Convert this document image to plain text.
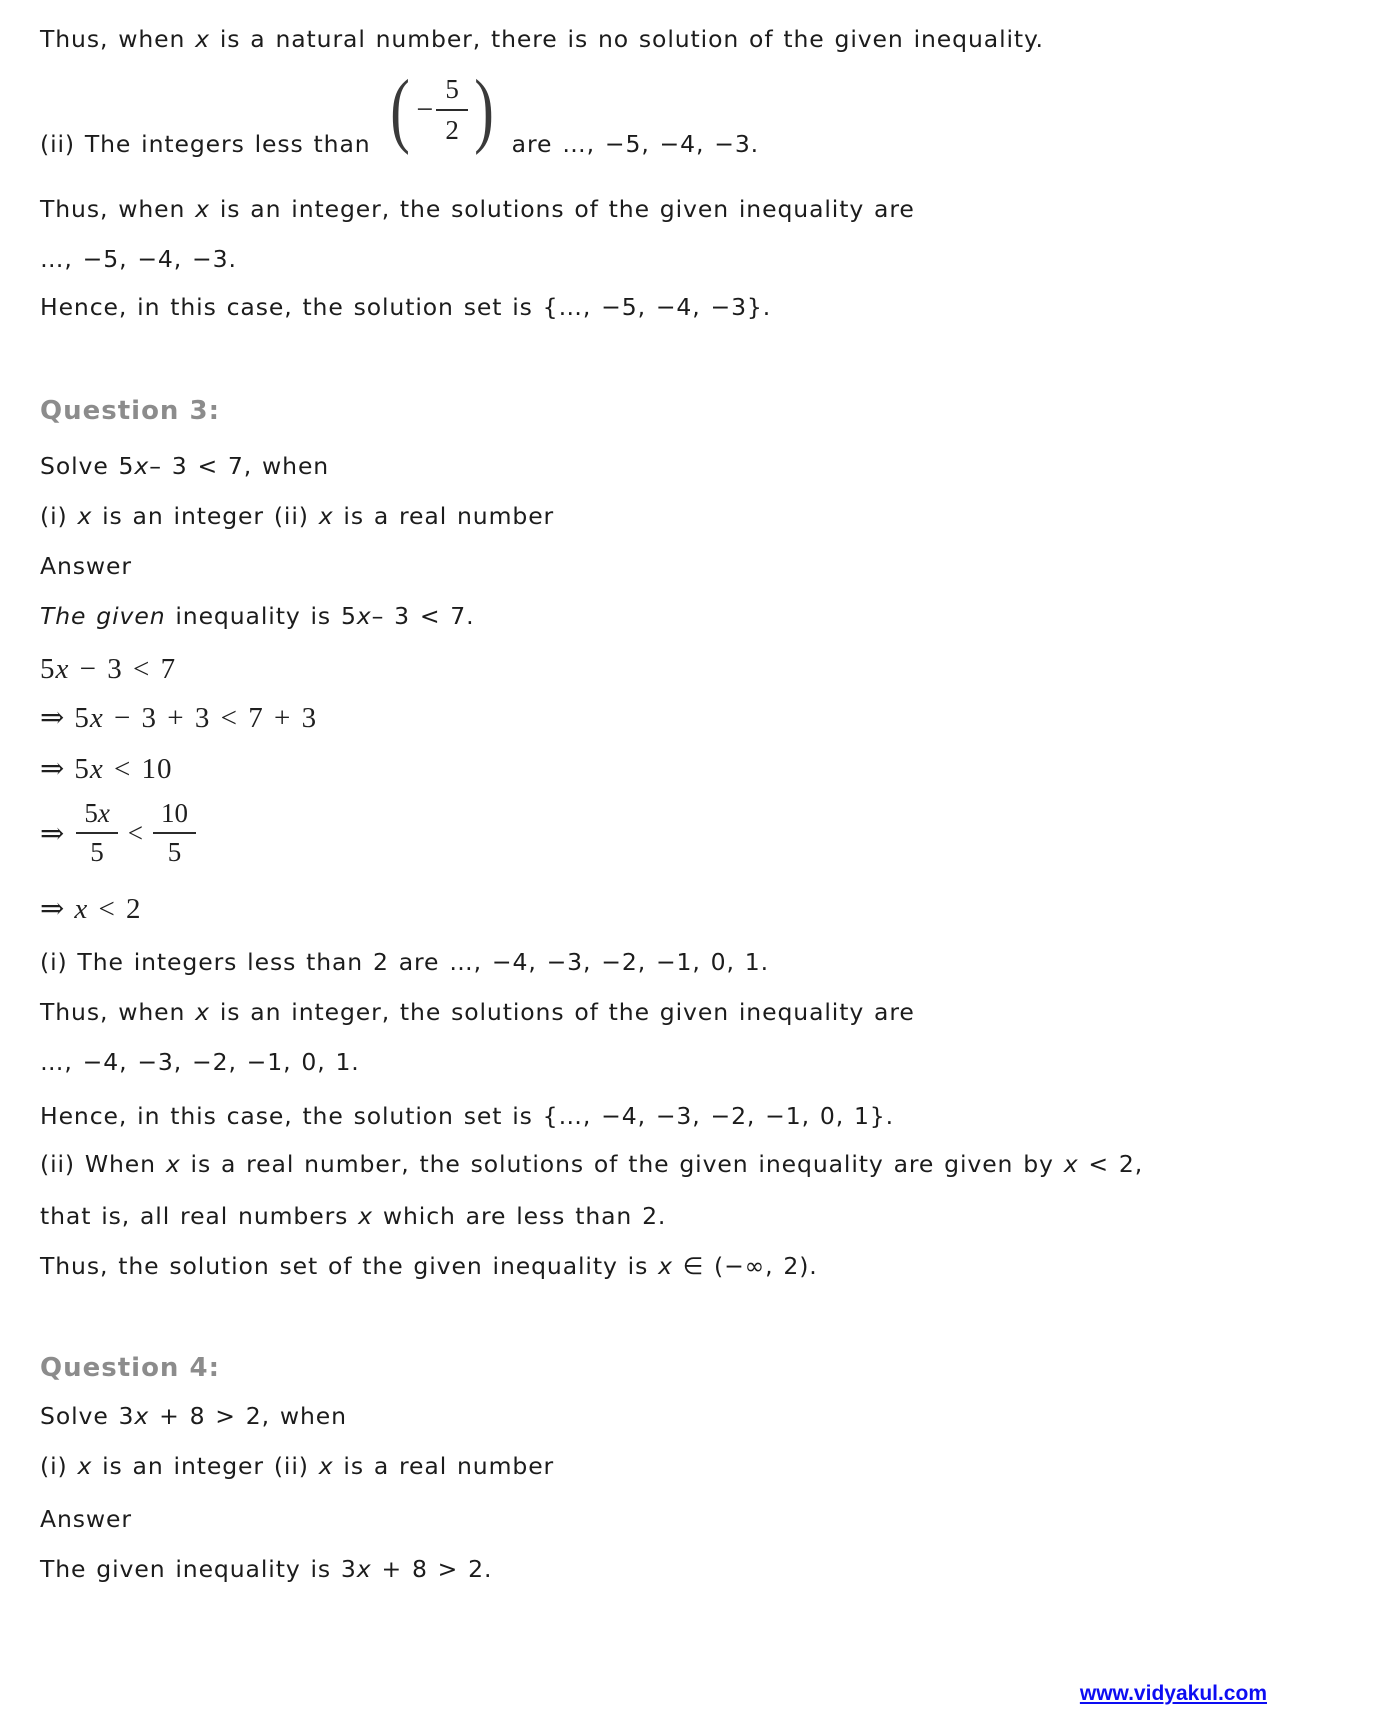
Thus, when x is a natural number, there is no solution of the given inequality.

(ii) The integers less than ( − $\frac{5}{2}$ ) are …, −5, −4, −3.

Thus, when x is an integer, the solutions of the given inequality are

…, −5, −4, −3.

Hence, in this case, the solution set is {…, −5, −4, −3}.

Question 3:

Solve 5x– 3 < 7, when

(i) x is an integer (ii) x is a real number

Answer

The given inequality is 5x– 3 < 7.

5x − 3 < 7

⇒ 5x − 3 + 3 < 7 + 3

⇒ 5x < 10

⇒ $\frac{5x}{5} < \frac{10}{5}$

⇒ x < 2

(i) The integers less than 2 are …, −4, −3, −2, −1, 0, 1.

Thus, when x is an integer, the solutions of the given inequality are

…, −4, −3, −2, −1, 0, 1.

Hence, in this case, the solution set is {…, −4, −3, −2, −1, 0, 1}.

(ii) When x is a real number, the solutions of the given inequality are given by x < 2,

that is, all real numbers x which are less than 2.

Thus, the solution set of the given inequality is x ∈ (−∞, 2).

Question 4:

Solve 3x + 8 > 2, when

(i) x is an integer (ii) x is a real number

Answer

The given inequality is 3x + 8 > 2.

www.vidyakul.com
